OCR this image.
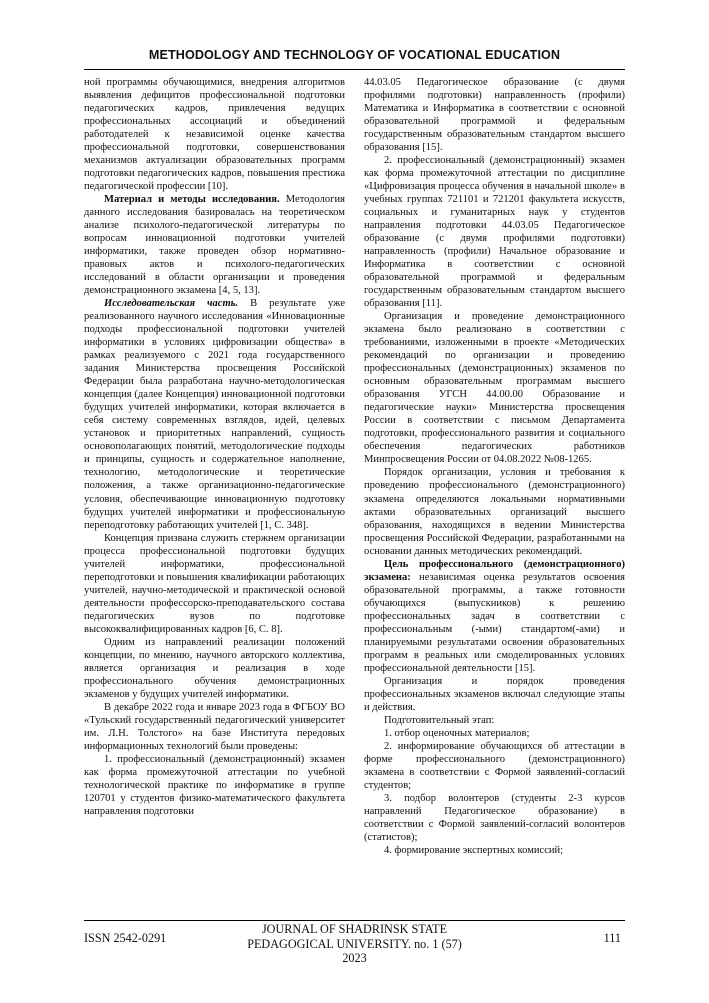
METHODOLOGY AND TECHNOLOGY OF VOCATIONAL EDUCATION

ной программы обучающимися, внедрения алгоритмов выявления дефицитов профессиональной подготовки педагогических кадров, привлечения ведущих профессиональных ассоциаций и объединений работодателей к независимой оценке качества профессиональной подготовки, совершенствования механизмов актуализации образовательных программ подготовки педагогических кадров, повышения престижа педагогической профессии [10].

Материал и методы исследования. Методология данного исследования базировалась на теоретическом анализе психолого-педагогической литературы по вопросам инновационной подготовки учителей информатики, также проведен обзор нормативно-правовых актов и психолого-педагогических исследований в области организации и проведения демонстрационного экзамена [4, 5, 13].

Исследовательская часть. В результате уже реализованного научного исследования «Инновационные подходы профессиональной подготовки учителей информатики в условиях цифровизации общества» в рамках реализуемого с 2021 года государственного задания Министерства просвещения Российской Федерации была разработана научно-методологическая концепция (далее Концепция) инновационной подготовки будущих учителей информатики, которая включается в себя систему современных взглядов, идей, целевых установок и приоритетных направлений, сущность основополагающих понятий, методологические подходы и принципы, сущность и содержательное наполнение, технологию, методологические и теоретические положения, а также организационно-педагогические условия, обеспечивающие инновационную подготовку будущих учителей информатики и профессиональную переподготовку работающих учителей [1, С. 348].

Концепция призвана служить стержнем организации процесса профессиональной подготовки будущих учителей информатики, профессиональной переподготовки и повышения квалификации работающих учителей, научно-методической и практической основой деятельности профессорско-преподавательского состава педагогических вузов по подготовке высококвалифицированных кадров [6, С. 8].

Одним из направлений реализации положений концепции, по мнению, научного авторского коллектива, является организация и реализация в ходе профессионального обучения демонстрационных экзаменов у будущих учителей информатики.

В декабре 2022 года и январе 2023 года в ФГБОУ ВО «Тульский государственный педагогический университет им. Л.Н. Толстого» на базе Института передовых информационных технологий были проведены:

1. профессиональный (демонстрационный) экзамен как форма промежуточной аттестации по учебной технологической практике по информатике в группе 120701 у студентов физико-математического факультета направления подготовки

44.03.05 Педагогическое образование (с двумя профилями подготовки) направленность (профили) Математика и Информатика в соответствии с основной образовательной программой и федеральным государственным образовательным стандартом высшего образования [15].

2. профессиональный (демонстрационный) экзамен как форма промежуточной аттестации по дисциплине «Цифровизация процесса обучения в начальной школе» в учебных группах 721101 и 721201 факультета искусств, социальных и гуманитарных наук у студентов направления подготовки 44.03.05 Педагогическое образование (с двумя профилями подготовки) направленность (профили) Начальное образование и Информатика в соответствии с основной образовательной программой и федеральным государственным образовательным стандартом высшего образования [11].

Организация и проведение демонстрационного экзамена было реализовано в соответствии с требованиями, изложенными в проекте «Методических рекомендаций по организации и проведению профессиональных (демонстрационных) экзаменов по основным образовательным программам высшего образования УГСН 44.00.00 Образование и педагогические науки» Министерства просвещения России в соответствии с письмом Департамента подготовки, профессионального развития и социального обеспечения педагогических работников Минпросвещения России от 04.08.2022 №08-1265.

Порядок организации, условия и требования к проведению профессионального (демонстрационного) экзамена определяются локальными нормативными актами образовательных организаций высшего образования, находящихся в ведении Министерства просвещения Российской Федерации, разработанными на основании данных методических рекомендаций.

Цель профессионального (демонстрационного) экзамена: независимая оценка результатов освоения образовательной программы, а также готовности обучающихся (выпускников) к решению профессиональных задач в соответствии с профессиональным (-ыми) стандартом(-ами) и планируемыми результатами освоения образовательных программ в реальных или смоделированных условиях профессиональной деятельности [15].

Организация и порядок проведения профессиональных экзаменов включал следующие этапы и действия.

Подготовительный этап:

1. отбор оценочных материалов;

2. информирование обучающихся об аттестации в форме профессионального (демонстрационного) экзамена в соответствии с Формой заявлений-согласий студентов;

3. подбор волонтеров (студенты 2-3 курсов направлений Педагогическое образование) в соответствии с Формой заявлений-согласий волонтеров (статистов);

4. формирование экспертных комиссий;

ISSN 2542-0291
JOURNAL OF SHADRINSK STATE
PEDAGOGICAL UNIVERSITY. no. 1 (57) 2023
111
